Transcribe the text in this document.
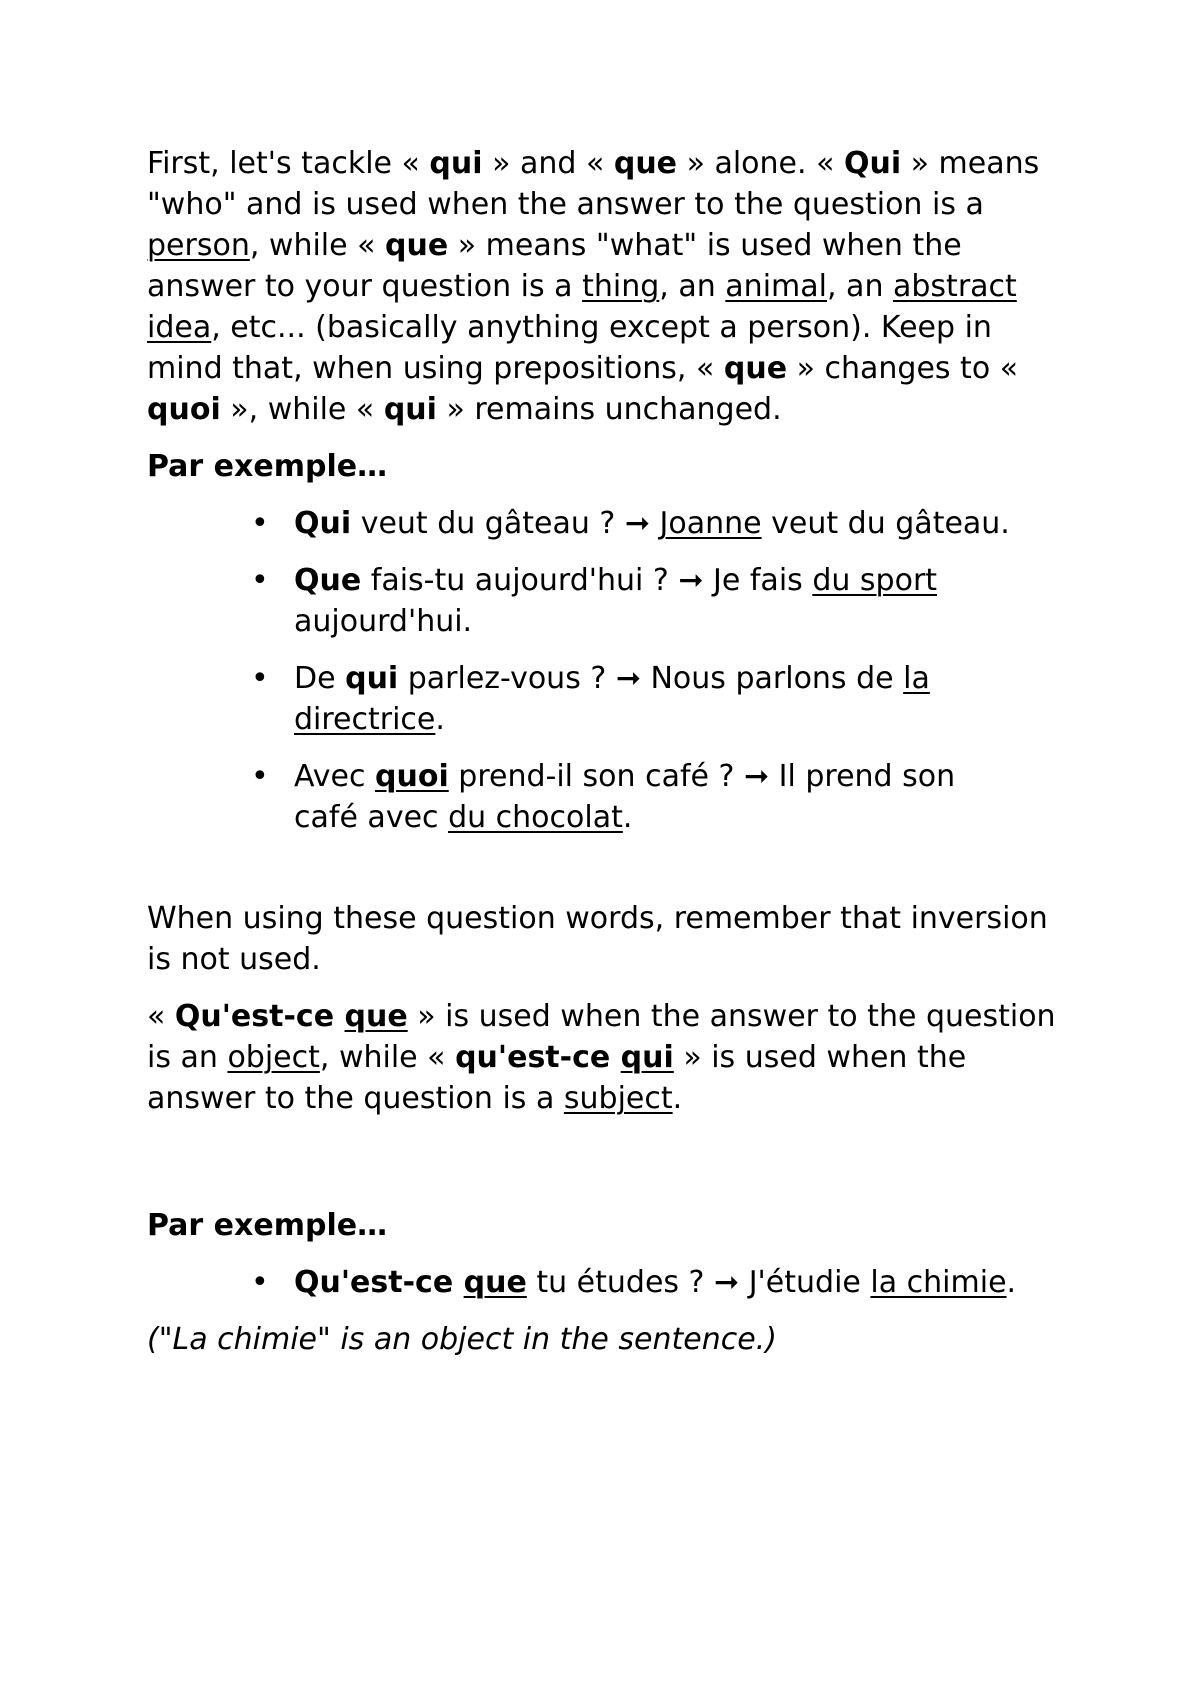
First, let's tackle « qui » and « que » alone. « Qui » means "who" and is used when the answer to the question is a person, while « que » means "what" is used when the answer to your question is a thing, an animal, an abstract idea, etc... (basically anything except a person). Keep in mind that, when using prepositions, « que » changes to « quoi », while « qui » remains unchanged.

Par exemple…

• Qui veut du gâteau ? ➞ Joanne veut du gâteau.
• Que fais-tu aujourd'hui ? ➞ Je fais du sport aujourd'hui.
• De qui parlez-vous ? ➞ Nous parlons de la directrice.
• Avec quoi prend-il son café ? ➞ Il prend son café avec du chocolat.

When using these question words, remember that inversion is not used.

« Qu'est-ce que » is used when the answer to the question is an object, while « qu'est-ce qui » is used when the answer to the question is a subject.

Par exemple…

• Qu'est-ce que tu études ? ➞ J'étudie la chimie.

("La chimie" is an object in the sentence.)
